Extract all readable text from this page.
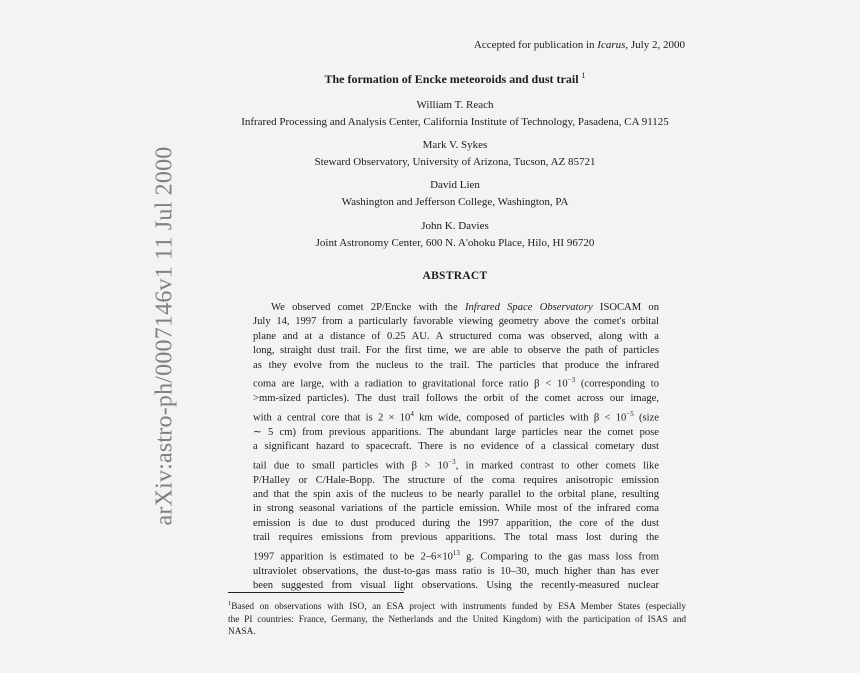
arXiv:astro-ph/0007146v1 11 Jul 2000
Accepted for publication in Icarus, July 2, 2000
The formation of Encke meteoroids and dust trail $^1$
William T. Reach
Infrared Processing and Analysis Center, California Institute of Technology, Pasadena, CA 91125
Mark V. Sykes
Steward Observatory, University of Arizona, Tucson, AZ 85721
David Lien
Washington and Jefferson College, Washington, PA
John K. Davies
Joint Astronomy Center, 600 N. A'ohoku Place, Hilo, HI 96720
ABSTRACT
We observed comet 2P/Encke with the Infrared Space Observatory ISOCAM on
July 14, 1997 from a particularly favorable viewing geometry above the comet's orbital
plane and at a distance of 0.25 AU. A structured coma was observed, along with a
long, straight dust trail. For the first time, we are able to observe the path of particles
as they evolve from the nucleus to the trail. The particles that produce the infrared
coma are large, with a radiation to gravitational force ratio $\beta < 10^{-3}$ (corresponding to
>mm-sized particles). The dust trail follows the orbit of the comet across our image,
with a central core that is $2 \times 10^4$ km wide, composed of particles with $\beta < 10^{-5}$ (size
∼ 5 cm) from previous apparitions. The abundant large particles near the comet pose
a significant hazard to spacecraft. There is no evidence of a classical cometary dust
tail due to small particles with $\beta > 10^{-3}$, in marked contrast to other comets like
P/Halley or C/Hale-Bopp. The structure of the coma requires anisotropic emission
and that the spin axis of the nucleus to be nearly parallel to the orbital plane, resulting
in strong seasonal variations of the particle emission. While most of the infrared coma
emission is due to dust produced during the 1997 apparition, the core of the dust
trail requires emissions from previous apparitions. The total mass lost during the
1997 apparition is estimated to be $2-6\times 10^{13}$ g. Comparing to the gas mass loss from
ultraviolet observations, the dust-to-gas mass ratio is 10–30, much higher than has ever
been suggested from visual light observations. Using the recently-measured nuclear
$^1$Based on observations with ISO, an ESA project with instruments funded by ESA Member States (especially
the PI countries: France, Germany, the Netherlands and the United Kingdom) with the participation of ISAS and
NASA.
